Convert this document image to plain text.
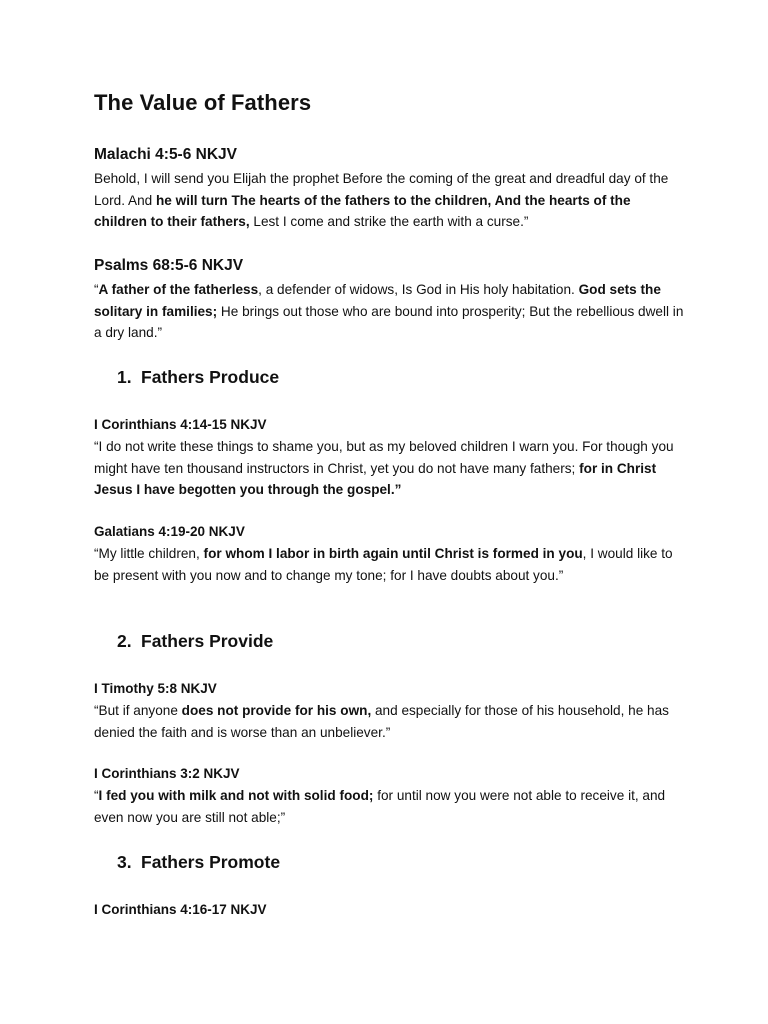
The Value of Fathers
Malachi 4:5-6 NKJV

Behold, I will send you Elijah the prophet Before the coming of the great and dreadful day of the Lord. And he will turn The hearts of the fathers to the children, And the hearts of the children to their fathers, Lest I come and strike the earth with a curse.”

Psalms 68:5-6 NKJV

“A father of the fatherless, a defender of widows, Is God in His holy habitation. God sets the solitary in families; He brings out those who are bound into prosperity; But the rebellious dwell in a dry land.”

1. Fathers Produce
I Corinthians 4:14-15 NKJV

“I do not write these things to shame you, but as my beloved children I warn you. For though you might have ten thousand instructors in Christ, yet you do not have many fathers; for in Christ Jesus I have begotten you through the gospel.”

Galatians 4:19-20 NKJV

“My little children, for whom I labor in birth again until Christ is formed in you, I would like to be present with you now and to change my tone; for I have doubts about you.”

2. Fathers Provide
I Timothy 5:8 NKJV

“But if anyone does not provide for his own, and especially for those of his household, he has denied the faith and is worse than an unbeliever.”

I Corinthians 3:2 NKJV

“I fed you with milk and not with solid food; for until now you were not able to receive it, and even now you are still not able;”

3. Fathers Promote
I Corinthians 4:16-17 NKJV
